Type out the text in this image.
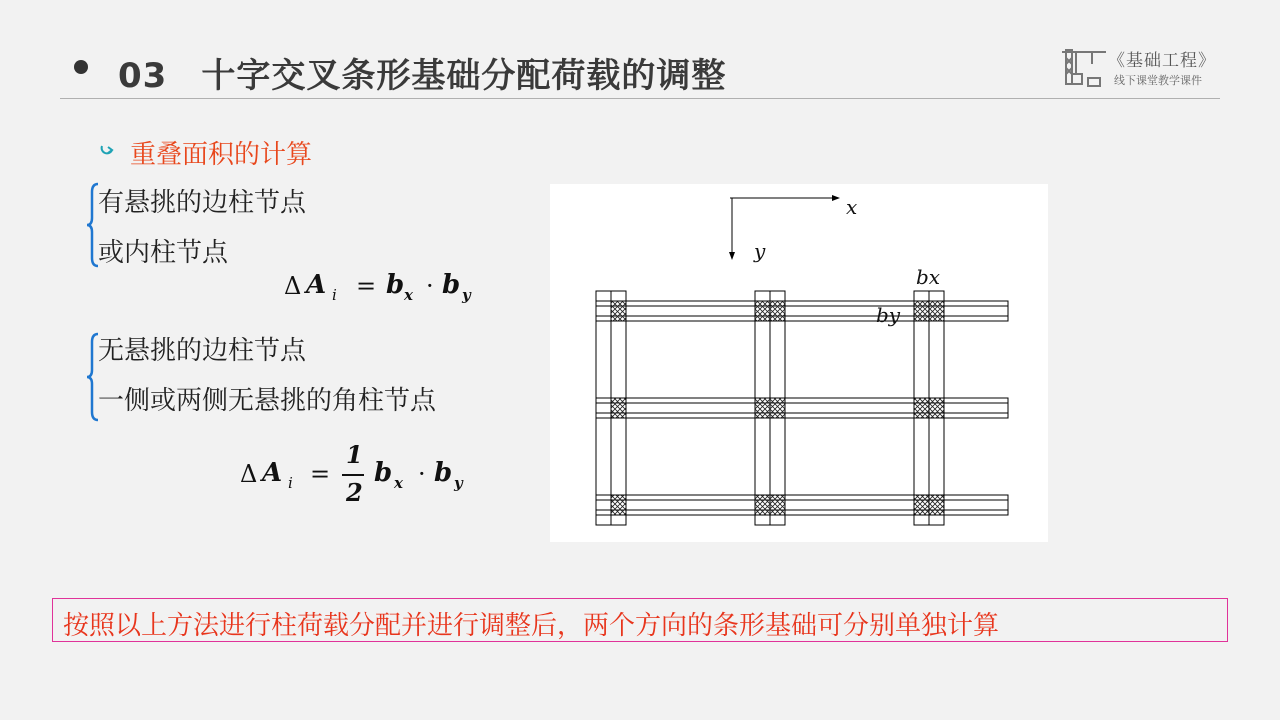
03 十字交叉条形基础分配荷载的调整	《基础工程》
线下课堂教学课件
重叠面积的计算
有悬挑的边柱节点
或内柱节点
Δ A i = b x · b y
无悬挑的边柱节点
一侧或两侧无悬挑的角柱节点
Δ A i =
1
2
b x · b y
x
y
bx
by
按照以上方法进行柱荷载分配并进行调整后，两个方向的条形基础可分别单独计算
